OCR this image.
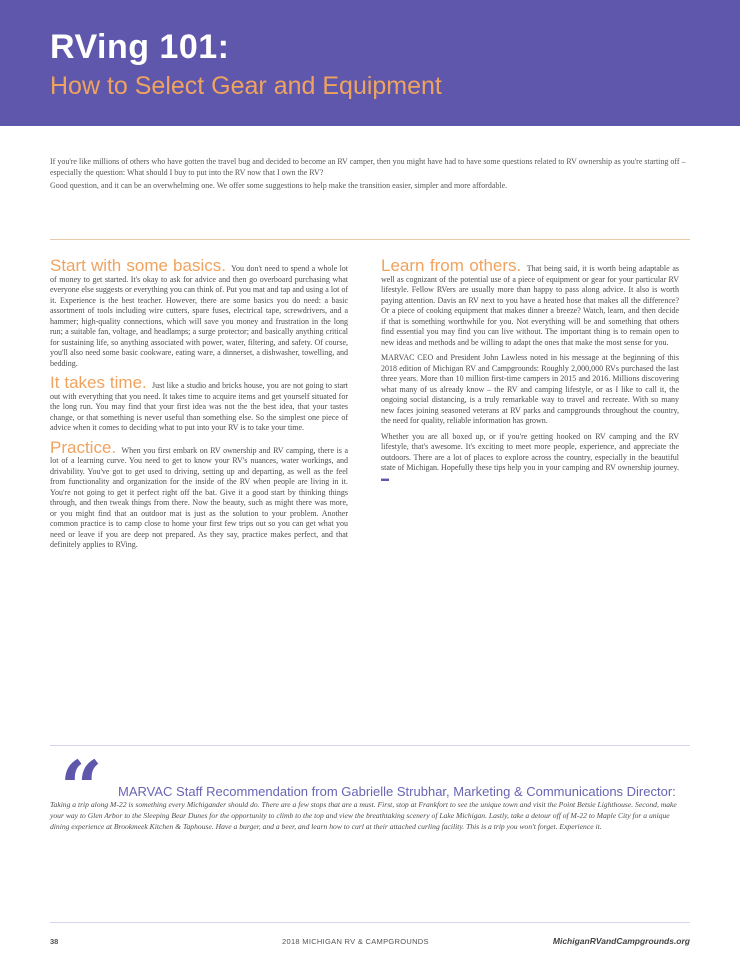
RVing 101:
How to Select Gear and Equipment

If you're like millions of others who have gotten the travel bug and decided to become an RV camper, then you might have had to have some questions related to RV ownership as you're starting off – especially the question: What should I buy to put into the RV now that I own the RV?

Good question, and it can be an overwhelming one. We offer some suggestions to help make the transition easier, simpler and more affordable.

Start with some basics. You don't need to spend a whole lot of money to get started. It's okay to ask for advice and then go overboard purchasing what everyone else suggests or everything you can think of. Put you mat and tap and using a lot of it. Experience is the best teacher. However, there are some basics you do need: a basic assortment of tools including wire cutters, spare fuses, electrical tape, screwdrivers, and a hammer; high-quality connections, which will save you money and frustration in the long run; a suitable fan, voltage, and headlamps; a surge protector; and basically anything critical for sustaining life, so anything associated with power, water, filtering, and safety. Of course, you'll also need some basic cookware, eating ware, a dinnerset, a dishwasher, towelling, and bedding.

It takes time. Just like a studio and bricks house, you are not going to start out with everything that you need. It takes time to acquire items and get yourself situated for the long run. You may find that your first idea was not the the best idea, that your tastes change, or that something is never useful than something else. So the simplest one piece of advice when it comes to deciding what to put into your RV is to take your time.

Practice. When you first embark on RV ownership and RV camping, there is a lot of a learning curve. You need to get to know your RV's nuances, water workings, and drivability. You've got to get used to driving, setting up and departing, as well as the feel from functionality and organization for the inside of the RV when people are living in it. You're not going to get it perfect right off the bat. Give it a good start by thinking things through, and then tweak things from there. Now the beauty, such as might there was more, or you might find that an outdoor mat is just as the solution to your problem. Another common practice is to camp close to home your first few trips out so you can get what you need or leave if you are deep not prepared. As they say, practice makes perfect, and that definitely applies to RVing.

Learn from others. That being said, it is worth being adaptable as well as cognizant of the potential use of a piece of equipment or gear for your particular RV lifestyle. Fellow RVers are usually more than happy to pass along advice. It also is worth paying attention. Davis an RV next to you have a heated hose that makes all the difference? Or a piece of cooking equipment that makes dinner a breeze? Watch, learn, and then decide if that is something worthwhile for you. Not everything will be and something that others find essential you may find you can live without. The important thing is to remain open to new ideas and methods and be willing to adapt the ones that make the most sense for you.

MARVAC CEO and President John Lawless noted in his message at the beginning of this 2018 edition of Michigan RV and Campgrounds: Roughly 2,000,000 RVs purchased the last three years. More than 10 million first-time campers in 2015 and 2016. Millions discovering what many of us already know – the RV and camping lifestyle, or as I like to call it, the ongoing social distancing, is a truly remarkable way to travel and recreate. With so many new faces joining seasoned veterans at RV parks and campgrounds throughout the country, the need for quality, reliable information has grown.

Whether you are all boxed up, or if you're getting hooked on RV camping and the RV lifestyle, that's awesome. It's exciting to meet more people, experience, and appreciate the outdoors. There are a lot of places to explore across the country, especially in the beautiful state of Michigan. Hopefully these tips help you in your camping and RV ownership journey. ▬

“	MARVAC Staff Recommendation from Gabrielle Strubhar, Marketing & Communications Director: Taking a trip along M-22 is something every Michigander should do. There are a few stops that are a must. First, stop at Frankfort to see the unique town and visit the Point Betsie Lighthouse. Second, make your way to Glen Arbor to the Sleeping Bear Dunes for the opportunity to climb to the top and view the breathtaking scenery of Lake Michigan. Lastly, take a detour off of M-22 to Maple City for a unique dining experience at Brookmeek Kitchen & Taphouse. Have a burger, and a beer, and learn how to curl at their attached curling facility. This is a trip you won't forget. Experience it.
38	2018 MICHIGAN RV & CAMPGROUNDS	MichiganRVandCampgrounds.org
